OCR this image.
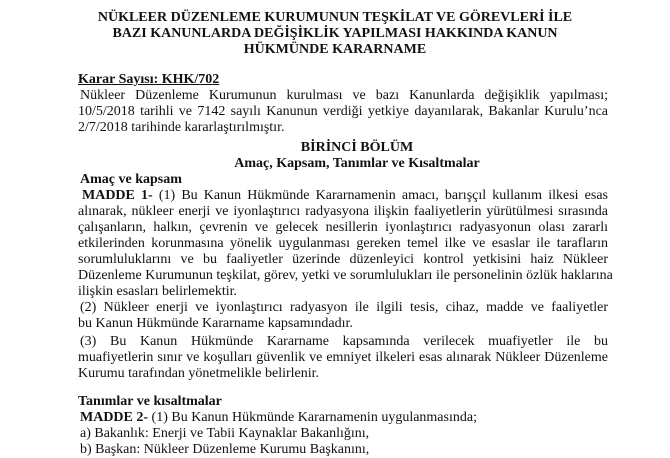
NÜKLEER DÜZENLEME KURUMUNUN TEŞKİLAT VE GÖREVLERİ İLE
BAZI KANUNLARDA DEĞİŞİKLİK YAPILMASI HAKKINDA KANUN
HÜKMÜNDE KARARNAME
Karar Sayısı: KHK/702
Nükleer Düzenleme Kurumunun kurulması ve bazı Kanunlarda değişiklik yapılması;
10/5/2018 tarihli ve 7142 sayılı Kanunun verdiği yetkiye dayanılarak, Bakanlar Kurulu’nca
2/7/2018 tarihinde kararlaştırılmıştır.
BİRİNCİ BÖLÜM
Amaç, Kapsam, Tanımlar ve Kısaltmalar
Amaç ve kapsam
MADDE 1- (1) Bu Kanun Hükmünde Kararnamenin amacı, barışçıl kullanım ilkesi esas
alınarak, nükleer enerji ve iyonlaştırıcı radyasyona ilişkin faaliyetlerin yürütülmesi sırasında
çalışanların, halkın, çevrenin ve gelecek nesillerin iyonlaştırıcı radyasyonun olası zararlı
etkilerinden korunmasına yönelik uygulanması gereken temel ilke ve esaslar ile tarafların
sorumluluklarını ve bu faaliyetler üzerinde düzenleyici kontrol yetkisini haiz Nükleer
Düzenleme Kurumunun teşkilat, görev, yetki ve sorumlulukları ile personelinin özlük haklarına
ilişkin esasları belirlemektir.
(2) Nükleer enerji ve iyonlaştırıcı radyasyon ile ilgili tesis, cihaz, madde ve faaliyetler
bu Kanun Hükmünde Kararname kapsamındadır.
(3) Bu Kanun Hükmünde Kararname kapsamında verilecek muafiyetler ile bu
muafiyetlerin sınır ve koşulları güvenlik ve emniyet ilkeleri esas alınarak Nükleer Düzenleme
Kurumu tarafından yönetmelikle belirlenir.
Tanımlar ve kısaltmalar
MADDE 2- (1) Bu Kanun Hükmünde Kararnamenin uygulanmasında;
a) Bakanlık: Enerji ve Tabii Kaynaklar Bakanlığını,
b) Başkan: Nükleer Düzenleme Kurumu Başkanını,
